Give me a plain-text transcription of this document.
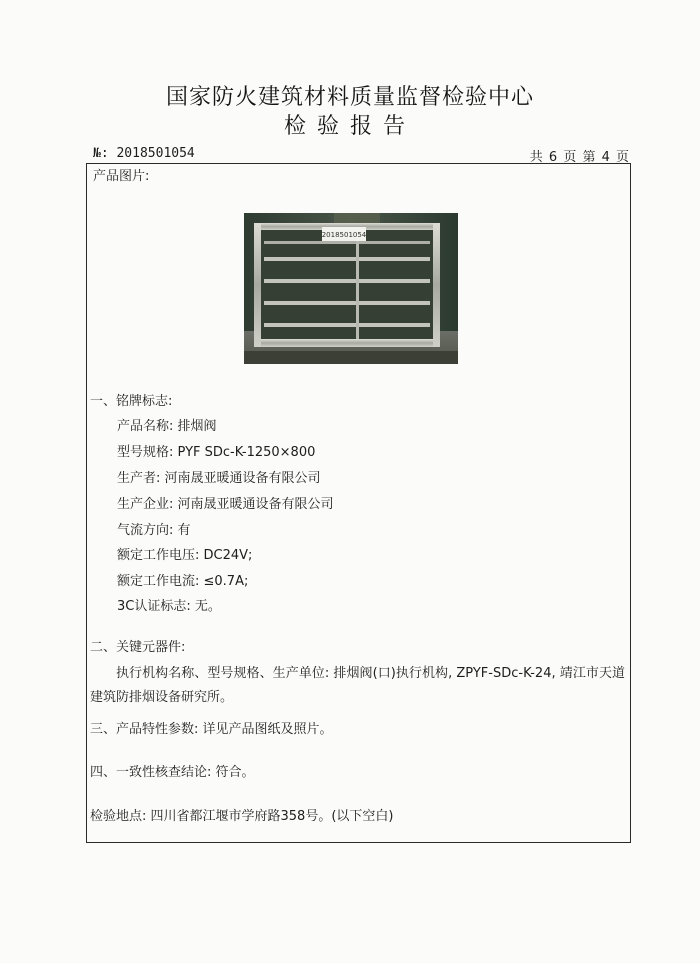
国家防火建筑材料质量监督检验中心
检验报告
№: 2018501054	共 6 页 第 4 页
产品图片:
2018501054
一、铭牌标志:
产品名称: 排烟阀
型号规格: PYF SDc-K-1250×800
生产者: 河南晟亚暖通设备有限公司
生产企业: 河南晟亚暖通设备有限公司
气流方向: 有
额定工作电压: DC24V;
额定工作电流: ≤0.7A;
3C认证标志: 无。
二、关键元器件:
执行机构名称、型号规格、生产单位: 排烟阀(口)执行机构, ZPYF-SDc-K-24, 靖江市天道建筑防排烟设备研究所。
三、产品特性参数: 详见产品图纸及照片。
四、一致性核查结论: 符合。
检验地点: 四川省都江堰市学府路358号。(以下空白)
